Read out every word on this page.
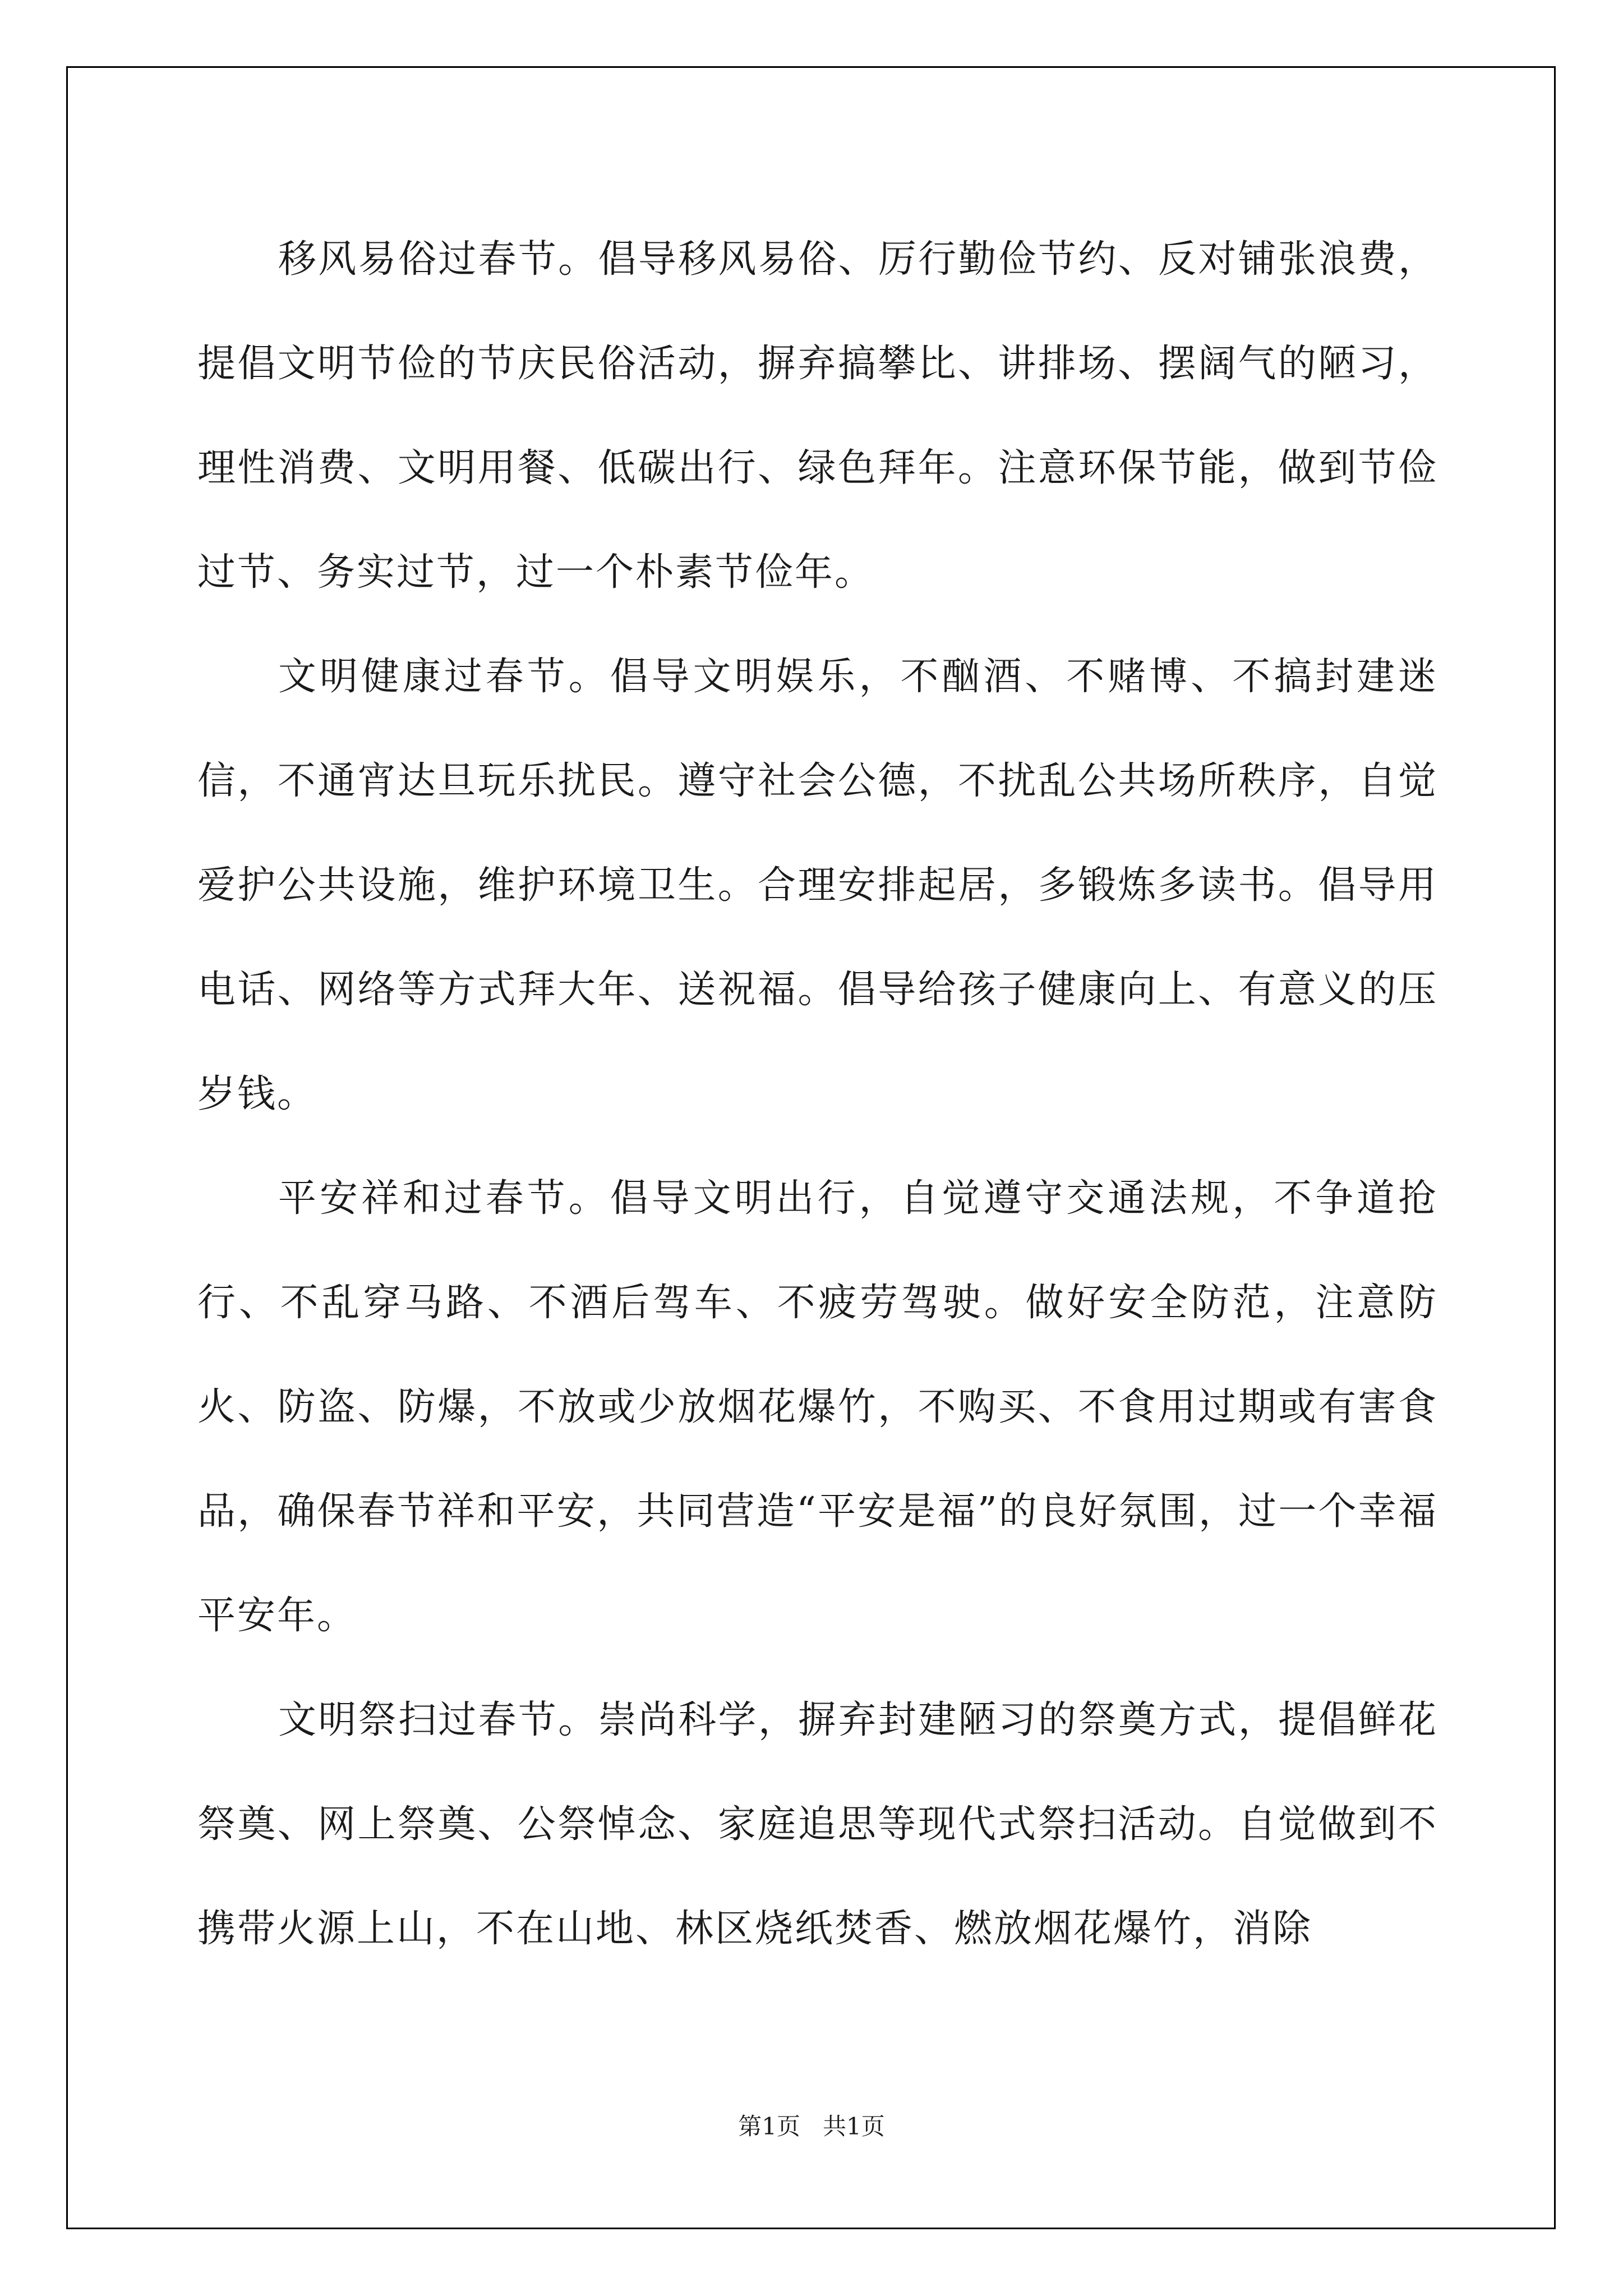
移风易俗过春节。倡导移风易俗、厉行勤俭节约、反对铺张浪费，提倡文明节俭的节庆民俗活动，摒弃搞攀比、讲排场、摆阔气的陋习，理性消费、文明用餐、低碳出行、绿色拜年。注意环保节能，做到节俭过节、务实过节，过一个朴素节俭年。

文明健康过春节。倡导文明娱乐，不酗酒、不赌博、不搞封建迷信，不通宵达旦玩乐扰民。遵守社会公德，不扰乱公共场所秩序，自觉爱护公共设施，维护环境卫生。合理安排起居，多锻炼多读书。倡导用电话、网络等方式拜大年、送祝福。倡导给孩子健康向上、有意义的压岁钱。

平安祥和过春节。倡导文明出行，自觉遵守交通法规，不争道抢行、不乱穿马路、不酒后驾车、不疲劳驾驶。做好安全防范，注意防火、防盗、防爆，不放或少放烟花爆竹，不购买、不食用过期或有害食品，确保春节祥和平安，共同营造“平安是福”的良好氛围，过一个幸福平安年。

文明祭扫过春节。崇尚科学，摒弃封建陋习的祭奠方式，提倡鲜花祭奠、网上祭奠、公祭悼念、家庭追思等现代式祭扫活动。自觉做到不携带火源上山，不在山地、林区烧纸焚香、燃放烟花爆竹，消除

第1页   共1页
